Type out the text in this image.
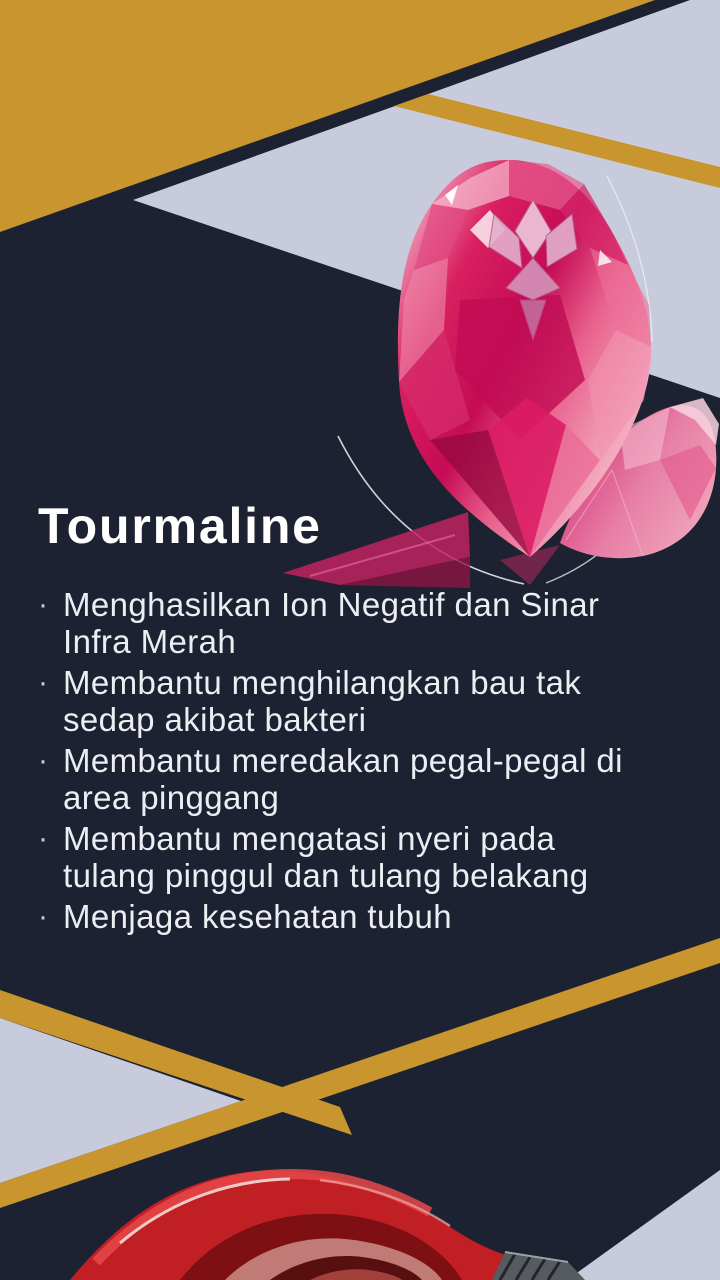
Tourmaline
· Menghasilkan Ion Negatif dan Sinar
Infra Merah
· Membantu menghilangkan bau tak
sedap akibat bakteri
· Membantu meredakan pegal-pegal di
area pinggang
· Membantu mengatasi nyeri pada
tulang pinggul dan tulang belakang
· Menjaga kesehatan tubuh
